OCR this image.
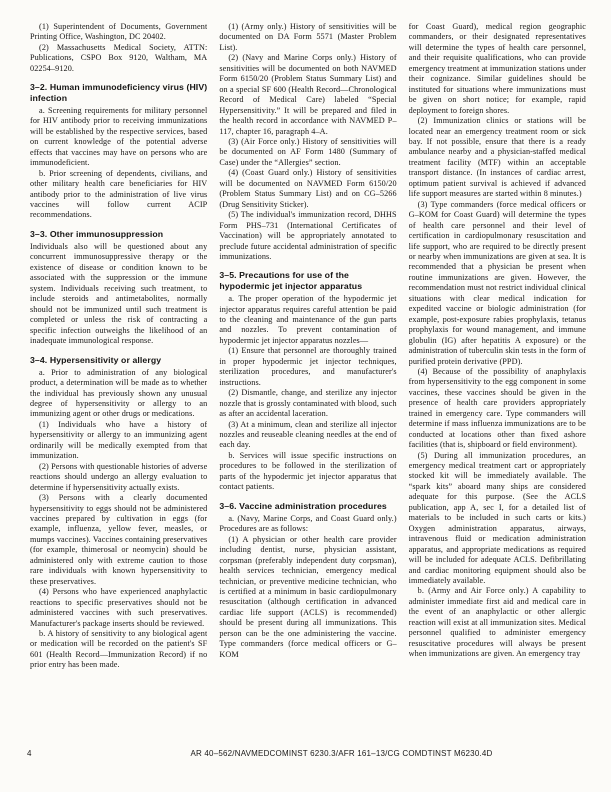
(1) Superintendent of Documents, Government Printing Office, Washington, DC 20402.

(2) Massachusetts Medical Society, ATTN: Publications, CSPO Box 9120, Waltham, MA 02254–9120.

3–2. Human immunodeficiency virus (HIV) infection

a. Screening requirements for military personnel for HIV antibody prior to receiving immunizations will be established by the respective services, based on current knowledge of the potential adverse effects that vaccines may have on persons who are immunodeficient.

b. Prior screening of dependents, civilians, and other military health care beneficiaries for HIV antibody prior to the administration of live virus vaccines will follow current ACIP recommendations.

3–3. Other immunosuppression

Individuals also will be questioned about any concurrent immunosuppressive therapy or the existence of disease or condition known to be associated with the suppression or the immune system. Individuals receiving such treatment, to include steroids and antimetabolites, normally should not be immunized until such treatment is completed or unless the risk of contracting a specific infection outweighs the likelihood of an inadequate immunological response.

3–4. Hypersensitivity or allergy

a. Prior to administration of any biological product, a determination will be made as to whether the individual has previously shown any unusual degree of hypersensitivity or allergy to an immunizing agent or other drugs or medications.

(1) Individuals who have a history of hypersensitivity or allergy to an immunizing agent ordinarily will be medically exempted from that immunization.

(2) Persons with questionable histories of adverse reactions should undergo an allergy evaluation to determine if hypersensitivity actually exists.

(3) Persons with a clearly documented hypersensitivity to eggs should not be administered vaccines prepared by cultivation in eggs (for example, influenza, yellow fever, measles, or mumps vaccines). Vaccines containing preservatives (for example, thimerosal or neomycin) should be administered only with extreme caution to those rare individuals with known hypersensitivity to these preservatives.

(4) Persons who have experienced anaphylactic reactions to specific preservatives should not be administered vaccines with such preservatives. Manufacturer's package inserts should be reviewed.

b. A history of sensitivity to any biological agent or medication will be recorded on the patient's SF 601 (Health Record—Immunization Record) if no prior entry has been made.

(1) (Army only.) History of sensitivities will be documented on DA Form 5571 (Master Problem List).

(2) (Navy and Marine Corps only.) History of sensitivities will be documented on both NAVMED Form 6150/20 (Problem Status Summary List) and on a special SF 600 (Health Record—Chronological Record of Medical Care) labeled “Special Hypersensitivity.” It will be prepared and filed in the health record in accordance with NAVMED P–117, chapter 16, paragraph 4–A.

(3) (Air Force only.) History of sensitivities will be documented on AF Form 1480 (Summary of Case) under the “Allergies” section.

(4) (Coast Guard only.) History of sensitivities will be documented on NAVMED Form 6150/20 (Problem Status Summary List) and on CG–5266 (Drug Sensitivity Sticker).

(5) The individual's immunization record, DHHS Form PHS–731 (International Certificates of Vaccination) will be appropriately annotated to preclude future accidental administration of specific immunizations.

3–5. Precautions for use of the hypodermic jet injector apparatus

a. The proper operation of the hypodermic jet injector apparatus requires careful attention be paid to the cleaning and maintenance of the gun parts and nozzles. To prevent contamination of hypodermic jet injector apparatus nozzles—

(1) Ensure that personnel are thoroughly trained in proper hypodermic jet injector techniques, sterilization procedures, and manufacturer's instructions.

(2) Dismantle, change, and sterilize any injector nozzle that is grossly contaminated with blood, such as after an accidental laceration.

(3) At a minimum, clean and sterilize all injector nozzles and reuseable cleaning needles at the end of each day.

b. Services will issue specific instructions on procedures to be followed in the sterilization of parts of the hypodermic jet injector apparatus that contact patients.

3–6. Vaccine administration procedures

a. (Navy, Marine Corps, and Coast Guard only.) Procedures are as follows:

(1) A physician or other health care provider including dentist, nurse, physician assistant, corpsman (preferably independent duty corpsman), health services technician, emergency medical technician, or preventive medicine technician, who is certified at a minimum in basic cardiopulmonary resuscitation (although certification in advanced cardiac life support (ACLS) is recommended) should be present during all immunizations. This person can be the one administering the vaccine. Type commanders (force medical officers or G–KOM

for Coast Guard), medical region geographic commanders, or their designated representatives will determine the types of health care personnel, and their requisite qualifications, who can provide emergency treatment at immunization stations under their cognizance. Similar guidelines should be instituted for situations where immunizations must be given on short notice; for example, rapid deployment to foreign shores.

(2) Immunization clinics or stations will be located near an emergency treatment room or sick bay. If not possible, ensure that there is a ready ambulance nearby and a physician-staffed medical treatment facility (MTF) within an acceptable transport distance. (In instances of cardiac arrest, optimum patient survival is achieved if advanced life support measures are started within 8 minutes.)

(3) Type commanders (force medical officers or G–KOM for Coast Guard) will determine the types of health care personnel and their level of certification in cardiopulmonary resuscitation and life support, who are required to be directly present or nearby when immunizations are given at sea. It is recommended that a physician be present when routine immunizations are given. However, the recommendation must not restrict individual clinical situations with clear medical indication for expedited vaccine or biologic administration (for example, post-exposure rabies prophylaxis, tetanus prophylaxis for wound management, and immune globulin (IG) after hepatitis A exposure) or the administration of tuberculin skin tests in the form of purified protein derivative (PPD).

(4) Because of the possibility of anaphylaxis from hypersensitivity to the egg component in some vaccines, these vaccines should be given in the presence of health care providers appropriately trained in emergency care. Type commanders will determine if mass influenza immunizations are to be conducted at locations other than fixed ashore facilities (that is, shipboard or field environment).

(5) During all immunization procedures, an emergency medical treatment cart or appropriately stocked kit will be immediately available. The “spark kits” aboard many ships are considered adequate for this purpose. (See the ACLS publication, app A, sec I, for a detailed list of materials to be included in such carts or kits.) Oxygen administration apparatus, airways, intravenous fluid or medication administration apparatus, and appropriate medications as required will be included for adequate ACLS. Defibrillating and cardiac monitoring equipment should also be immediately available.

b. (Army and Air Force only.) A capability to administer immediate first aid and medical care in the event of an anaphylactic or other allergic reaction will exist at all immunization sites. Medical personnel qualified to administer emergency resuscitative procedures will always be present when immunizations are given. An emergency tray

4	AR 40–562/NAVMEDCOMINST 6230.3/AFR 161–13/CG COMDTINST M6230.4D
